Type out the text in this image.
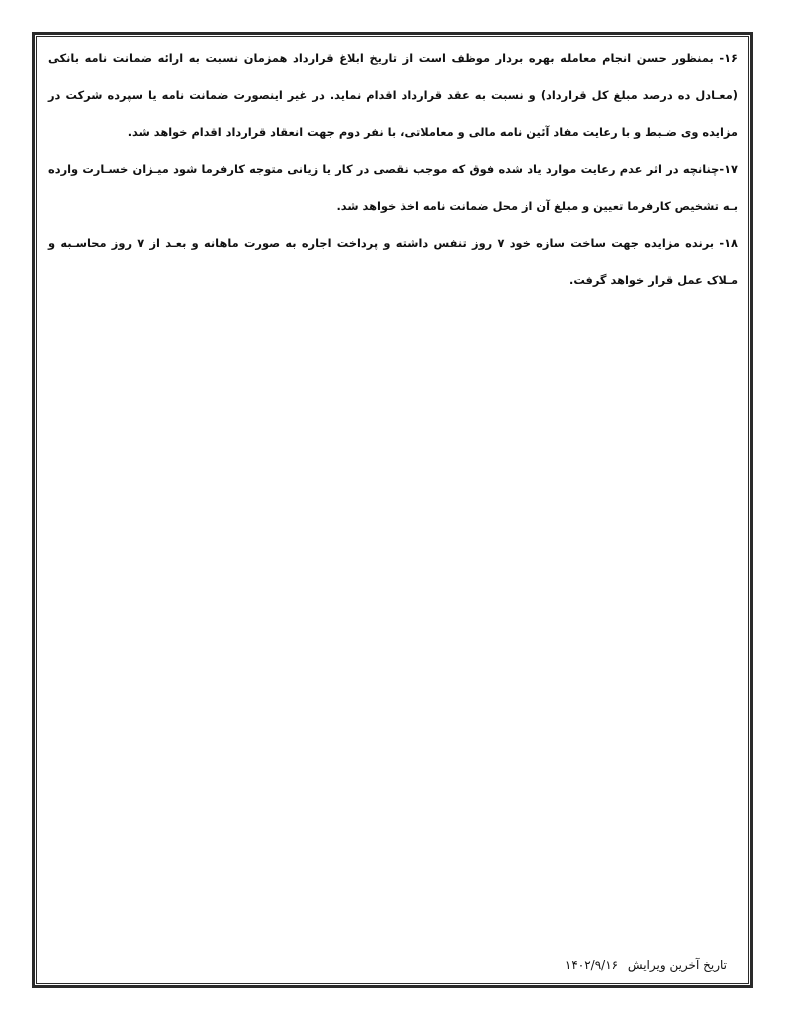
۱۶- بمنظور حسن انجام معامله بهره بردار موظف است از تاریخ ابلاغ قرارداد همزمان نسبت به ارائه ضمانت نامه بانکی (معـادل ده درصد مبلغ کل قرارداد) و نسبت به عقد قرارداد اقدام نماید. در غیر اینصورت ضمانت نامه یا سپرده شرکت در مزایده وی ضـبط و با رعایت مفاد آئین نامه مالی و معاملاتی، با نفر دوم جهت انعقاد قرارداد اقدام خواهد شد.

۱۷-چنانچه در اثر عدم رعایت موارد یاد شده فوق که موجب نقصی در کار یا زیانی متوجه کارفرما شود میـزان خسـارت وارده بـه تشخیص کارفرما تعیین و مبلغ آن از محل ضمانت نامه اخذ خواهد شد.

۱۸- برنده مزایده جهت ساخت سازه خود ۷ روز تنفس داشته و پرداخت اجاره به صورت ماهانه و بعـد از ۷ روز محاسـبه و مـلاک عمل قرار خواهد گرفت.

تاریخ آخرین ویرایش ۱۴۰۲/۹/۱۶
